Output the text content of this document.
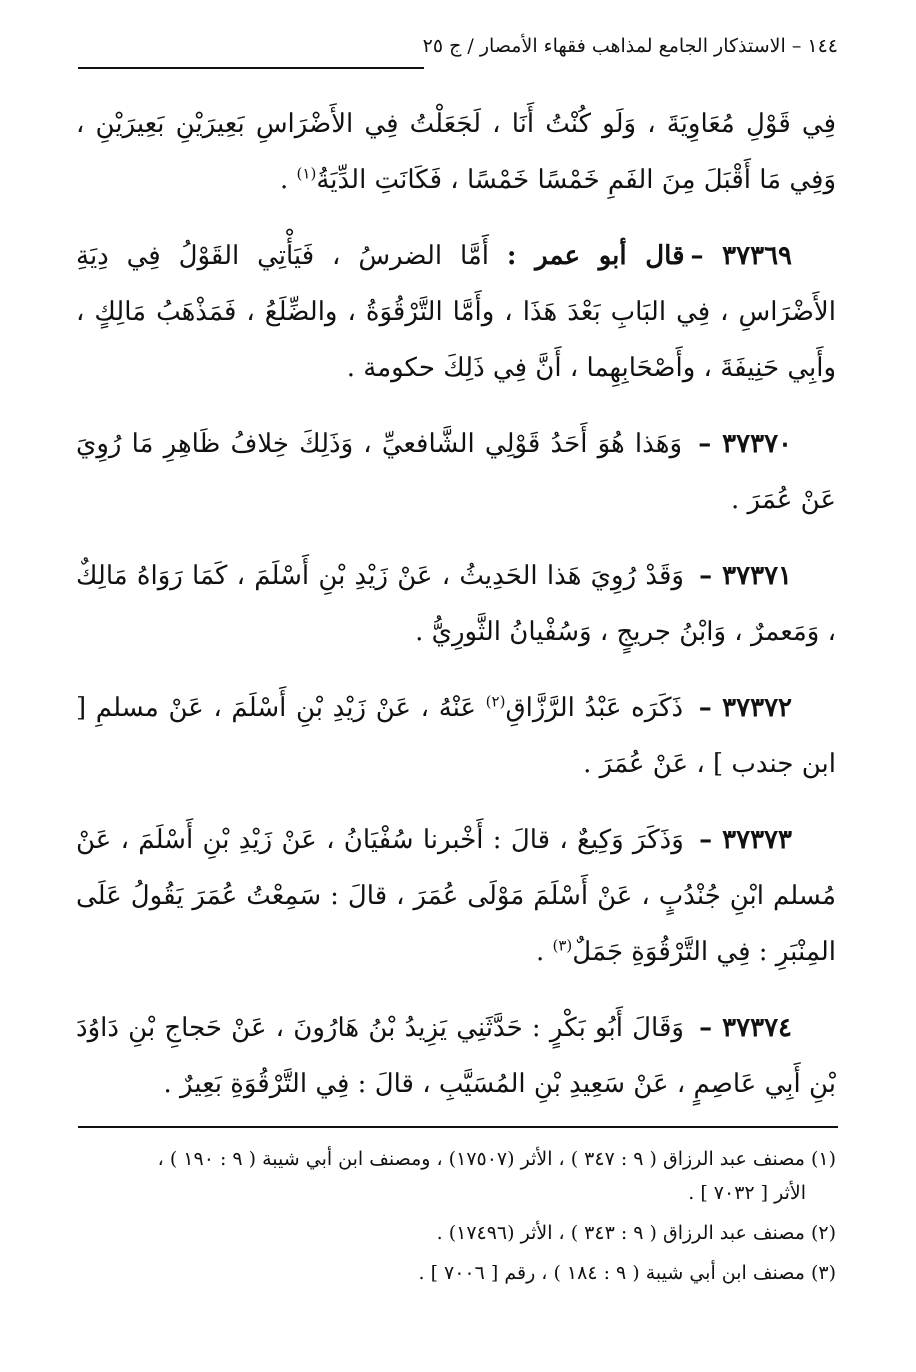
١٤٤ – الاستذكار الجامع لمذاهب فقهاء الأمصار / ج ٢٥

فِي قَوْلِ مُعَاوِيَةَ ، وَلَو كُنْتُ أَنَا ، لَجَعَلْتُ فِي الأَضْرَاسِ بَعِيرَيْنِ بَعِيرَيْنِ ، وَفِي مَا أَقْبَلَ مِنَ الفَمِ خَمْسًا خَمْسًا ، فَكَانَتِ الدِّيَةُ$^{(١)}$ .

٣٧٣٦٩ –قال أبو عمر : أَمَّا الضرسُ ، فَيَأْتِي القَوْلُ فِي دِيَةِ الأَضْرَاسِ ، فِي البَابِ بَعْدَ هَذَا ، وأَمَّا التَّرْقُوَةُ ، والضِّلَعُ ، فَمَذْهَبُ مَالِكٍ ، وأَبِي حَنِيفَةَ ، وأَصْحَابِهِما ، أَنَّ فِي ذَلِكَ حكومة .

٣٧٣٧٠ – وَهَذا هُوَ أَحَدُ قَوْلِي الشَّافعيِّ ، وَذَلِكَ خِلافُ ظَاهِرِ مَا رُوِيَ عَنْ عُمَرَ .

٣٧٣٧١ – وَقَدْ رُوِيَ هَذا الحَدِيثُ ، عَنْ زَيْدِ بْنِ أَسْلَمَ ، كَمَا رَوَاهُ مَالِكٌ ، وَمَعمرٌ ، وَابْنُ جريجٍ ، وَسُفْيانُ الثَّورِيُّ .

٣٧٣٧٢ – ذَكَرَه عَبْدُ الرَّزَّاقِ$^{(٢)}$ عَنْهُ ، عَنْ زَيْدِ بْنِ أَسْلَمَ ، عَنْ مسلمِ [ ابن جندب ] ، عَنْ عُمَرَ .

٣٧٣٧٣ – وَذَكَرَ وَكِيعٌ ، قالَ : أَخْبرنا سُفْيَانُ ، عَنْ زَيْدِ بْنِ أَسْلَمَ ، عَنْ مُسلم ابْنِ جُنْدُبٍ ، عَنْ أَسْلَمَ مَوْلَى عُمَرَ ، قالَ : سَمِعْتُ عُمَرَ يَقُولُ عَلَى المِنْبَرِ : فِي التَّرْقُوَةِ جَمَلٌ$^{(٣)}$ .

٣٧٣٧٤ – وَقَالَ أَبُو بَكْرٍ : حَدَّثَنِي يَزِيدُ بْنُ هَارُونَ ، عَنْ حَجاجِ بْنِ دَاوُدَ بْنِ أَبِي عَاصِمٍ ، عَنْ سَعِيدِ بْنِ المُسَيَّبِ ، قالَ : فِي التَّرْقُوَةِ بَعِيرٌ .

(١) مصنف عبد الرزاق ( ٩ : ٣٤٧ ) ، الأثر (١٧٥٠٧) ، ومصنف ابن أبي شيبة ( ٩ : ١٩٠ ) ،
الأثر [ ٧٠٣٢ ] .

(٢) مصنف عبد الرزاق ( ٩ : ٣٤٣ ) ، الأثر (١٧٤٩٦) .

(٣) مصنف ابن أبي شيبة ( ٩ : ١٨٤ ) ، رقم [ ٧٠٠٦ ] .
